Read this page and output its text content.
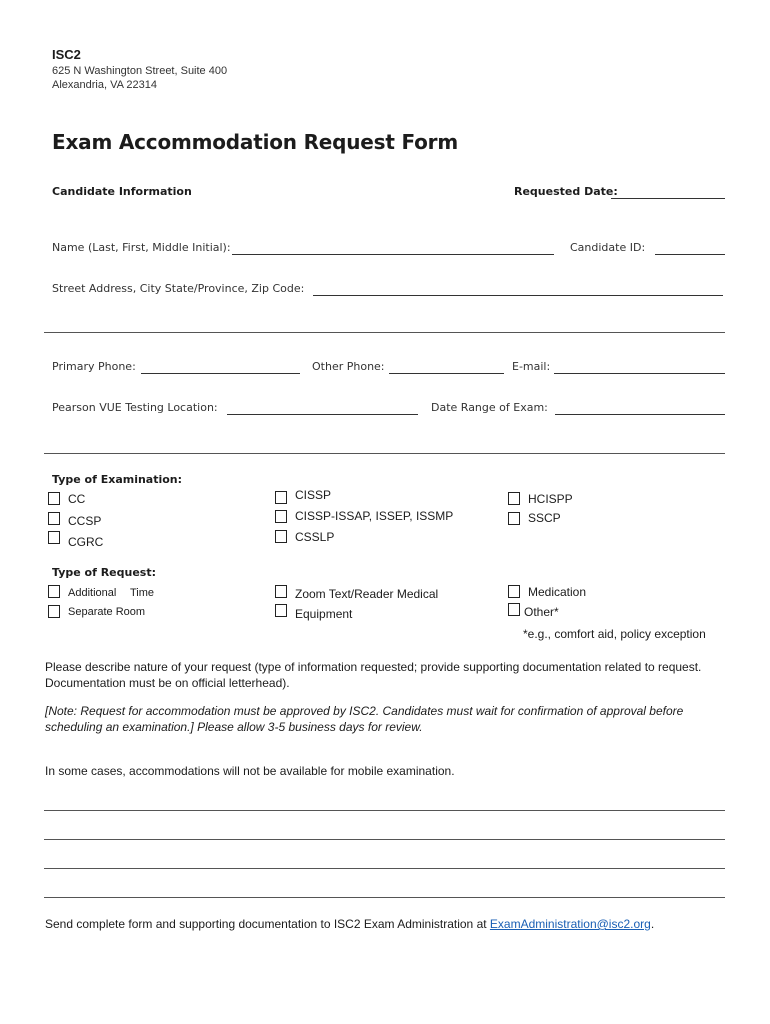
ISC2
625 N Washington Street, Suite 400
Alexandria, VA 22314
Exam Accommodation Request Form
Candidate Information	Requested Date:
Name (Last, First, Middle Initial):	Candidate ID:
Street Address, City State/Province, Zip Code:
Primary Phone:	Other Phone:	E-mail:
Pearson VUE Testing Location:	Date Range of Exam:
Type of Examination:
CC
CCSP
CGRC
CISSP
CISSP-ISSAP, ISSEP, ISSMP
CSSLP
HCISPP
SSCP
Type of Request:
Additional Time
Separate Room
Zoom Text/Reader Medical
Equipment
Medication
Other*
*e.g., comfort aid, policy exception
Please describe nature of your request (type of information requested; provide supporting documentation related to request. Documentation must be on official letterhead).
[Note: Request for accommodation must be approved by ISC2. Candidates must wait for confirmation of approval before scheduling an examination.] Please allow 3-5 business days for review.
In some cases, accommodations will not be available for mobile examination.
Send complete form and supporting documentation to ISC2 Exam Administration at ExamAdministration@isc2.org.
